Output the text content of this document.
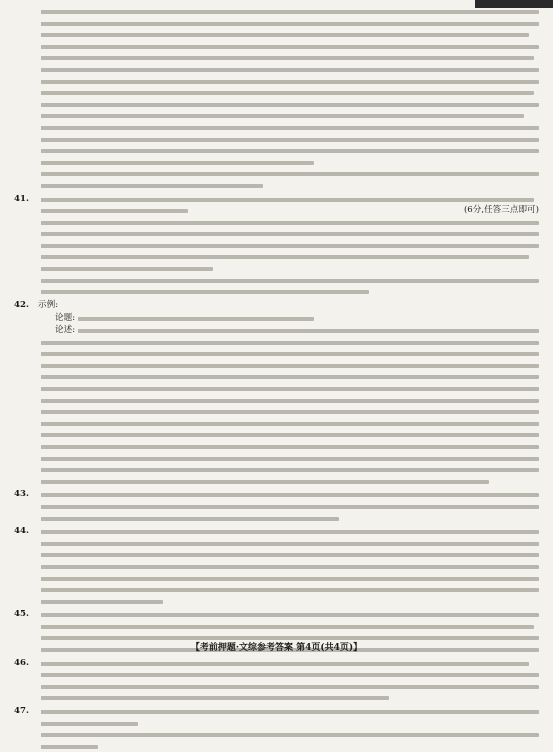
41.
(6分,任答三点即可)
42.	示例:
论题:
论述:
43.
44.
45.
46.
47.
【考前押题·文综参考答案 第4页(共4页)】
